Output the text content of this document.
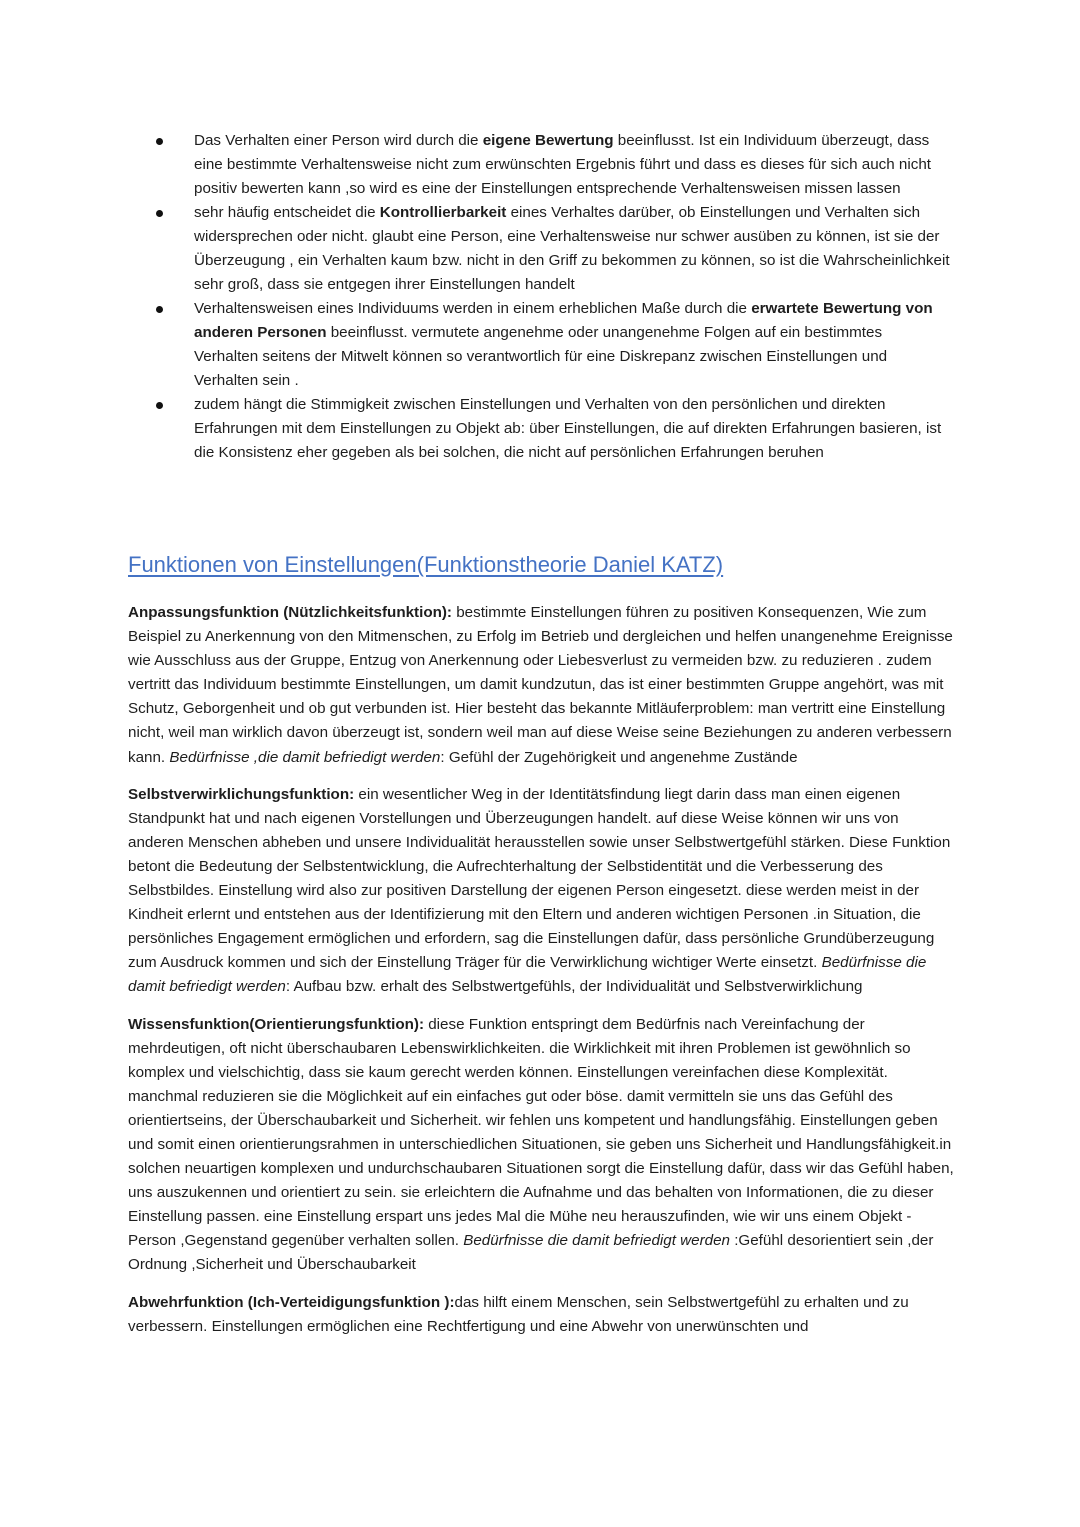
Das Verhalten einer Person wird durch die eigene Bewertung beeinflusst. Ist ein Individuum überzeugt, dass eine bestimmte Verhaltensweise nicht zum erwünschten Ergebnis führt und dass es dieses für sich auch nicht positiv bewerten kann ,so wird es eine der Einstellungen entsprechende Verhaltensweisen missen lassen
sehr häufig entscheidet die Kontrollierbarkeit eines Verhaltes darüber, ob Einstellungen und Verhalten sich widersprechen oder nicht. glaubt eine Person, eine Verhaltensweise nur schwer ausüben zu können, ist sie der Überzeugung , ein Verhalten kaum bzw. nicht in den Griff zu bekommen zu können, so ist die Wahrscheinlichkeit sehr groß, dass sie entgegen ihrer Einstellungen handelt
Verhaltensweisen eines Individuums werden in einem erheblichen Maße durch die erwartete Bewertung von anderen Personen beeinflusst. vermutete angenehme oder unangenehme Folgen auf ein bestimmtes Verhalten seitens der Mitwelt können so verantwortlich für eine Diskrepanz zwischen Einstellungen und Verhalten sein .
zudem hängt die Stimmigkeit zwischen Einstellungen und Verhalten von den persönlichen und direkten Erfahrungen mit dem Einstellungen zu Objekt ab: über Einstellungen, die auf direkten Erfahrungen basieren, ist die Konsistenz eher gegeben als bei solchen, die nicht auf persönlichen Erfahrungen beruhen
Funktionen von Einstellungen(Funktionstheorie Daniel KATZ)

Anpassungsfunktion (Nützlichkeitsfunktion): bestimmte Einstellungen führen zu positiven Konsequenzen, Wie zum Beispiel zu Anerkennung von den Mitmenschen, zu Erfolg im Betrieb und dergleichen und helfen unangenehme Ereignisse wie Ausschluss aus der Gruppe, Entzug von Anerkennung oder Liebesverlust zu vermeiden bzw. zu reduzieren . zudem vertritt das Individuum bestimmte Einstellungen, um damit kundzutun, das ist einer bestimmten Gruppe angehört, was mit Schutz, Geborgenheit und ob gut verbunden ist. Hier besteht das bekannte Mitläuferproblem: man vertritt eine Einstellung nicht, weil man wirklich davon überzeugt ist, sondern weil man auf diese Weise seine Beziehungen zu anderen verbessern kann. Bedürfnisse ,die damit befriedigt werden: Gefühl der Zugehörigkeit und angenehme Zustände

Selbstverwirklichungsfunktion: ein wesentlicher Weg in der Identitätsfindung liegt darin dass man einen eigenen Standpunkt hat und nach eigenen Vorstellungen und Überzeugungen handelt. auf diese Weise können wir uns von anderen Menschen abheben und unsere Individualität herausstellen sowie unser Selbstwertgefühl stärken. Diese Funktion betont die Bedeutung der Selbstentwicklung, die Aufrechterhaltung der Selbstidentität und die Verbesserung des Selbstbildes. Einstellung wird also zur positiven Darstellung der eigenen Person eingesetzt. diese werden meist in der Kindheit erlernt und entstehen aus der Identifizierung mit den Eltern und anderen wichtigen Personen .in Situation, die persönliches Engagement ermöglichen und erfordern, sag die Einstellungen dafür, dass persönliche Grundüberzeugung zum Ausdruck kommen und sich der Einstellung Träger für die Verwirklichung wichtiger Werte einsetzt. Bedürfnisse die damit befriedigt werden: Aufbau bzw. erhalt des Selbstwertgefühls, der Individualität und Selbstverwirklichung

Wissensfunktion(Orientierungsfunktion): diese Funktion entspringt dem Bedürfnis nach Vereinfachung der mehrdeutigen, oft nicht überschaubaren Lebenswirklichkeiten. die Wirklichkeit mit ihren Problemen ist gewöhnlich so komplex und vielschichtig, dass sie kaum gerecht werden können. Einstellungen vereinfachen diese Komplexität. manchmal reduzieren sie die Möglichkeit auf ein einfaches gut oder böse. damit vermitteln sie uns das Gefühl des orientiertseins, der Überschaubarkeit und Sicherheit. wir fehlen uns kompetent und handlungsfähig. Einstellungen geben und somit einen orientierungsrahmen in unterschiedlichen Situationen, sie geben uns Sicherheit und Handlungsfähigkeit.in solchen neuartigen komplexen und undurchschaubaren Situationen sorgt die Einstellung dafür, dass wir das Gefühl haben, uns auszukennen und orientiert zu sein. sie erleichtern die Aufnahme und das behalten von Informationen, die zu dieser Einstellung passen. eine Einstellung erspart uns jedes Mal die Mühe neu herauszufinden, wie wir uns einem Objekt -Person ,Gegenstand gegenüber verhalten sollen. Bedürfnisse die damit befriedigt werden :Gefühl desorientiert sein ,der Ordnung ,Sicherheit und Überschaubarkeit

Abwehrfunktion (Ich-Verteidigungsfunktion ):das hilft einem Menschen, sein Selbstwertgefühl zu erhalten und zu verbessern. Einstellungen ermöglichen eine Rechtfertigung und eine Abwehr von unerwünschten und
